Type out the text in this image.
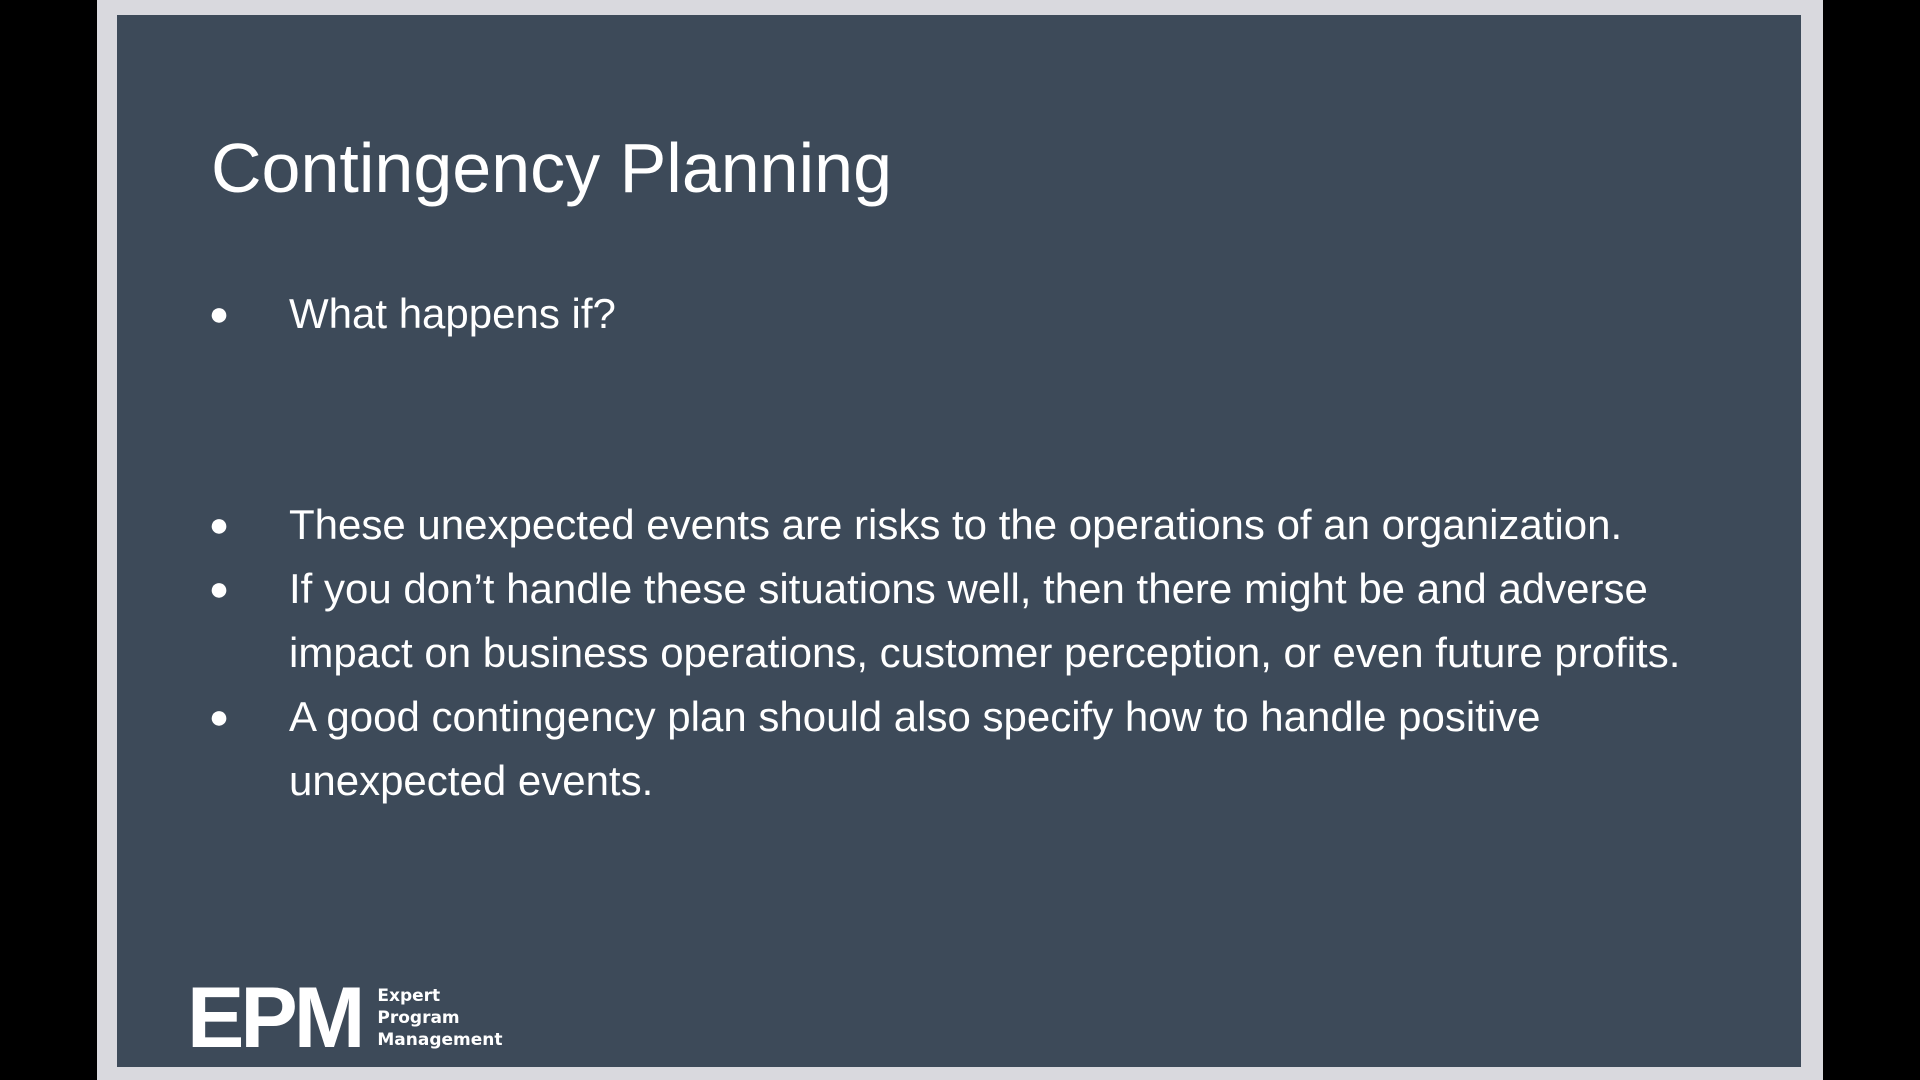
Contingency Planning
● What happens if?
● These unexpected events are risks to the operations of an organization.
● If you don’t handle these situations well, then there might be and adverse impact on business operations, customer perception, or even future profits.
● A good contingency plan should also specify how to handle positive unexpected events.
EPM Expert
Program
Management
